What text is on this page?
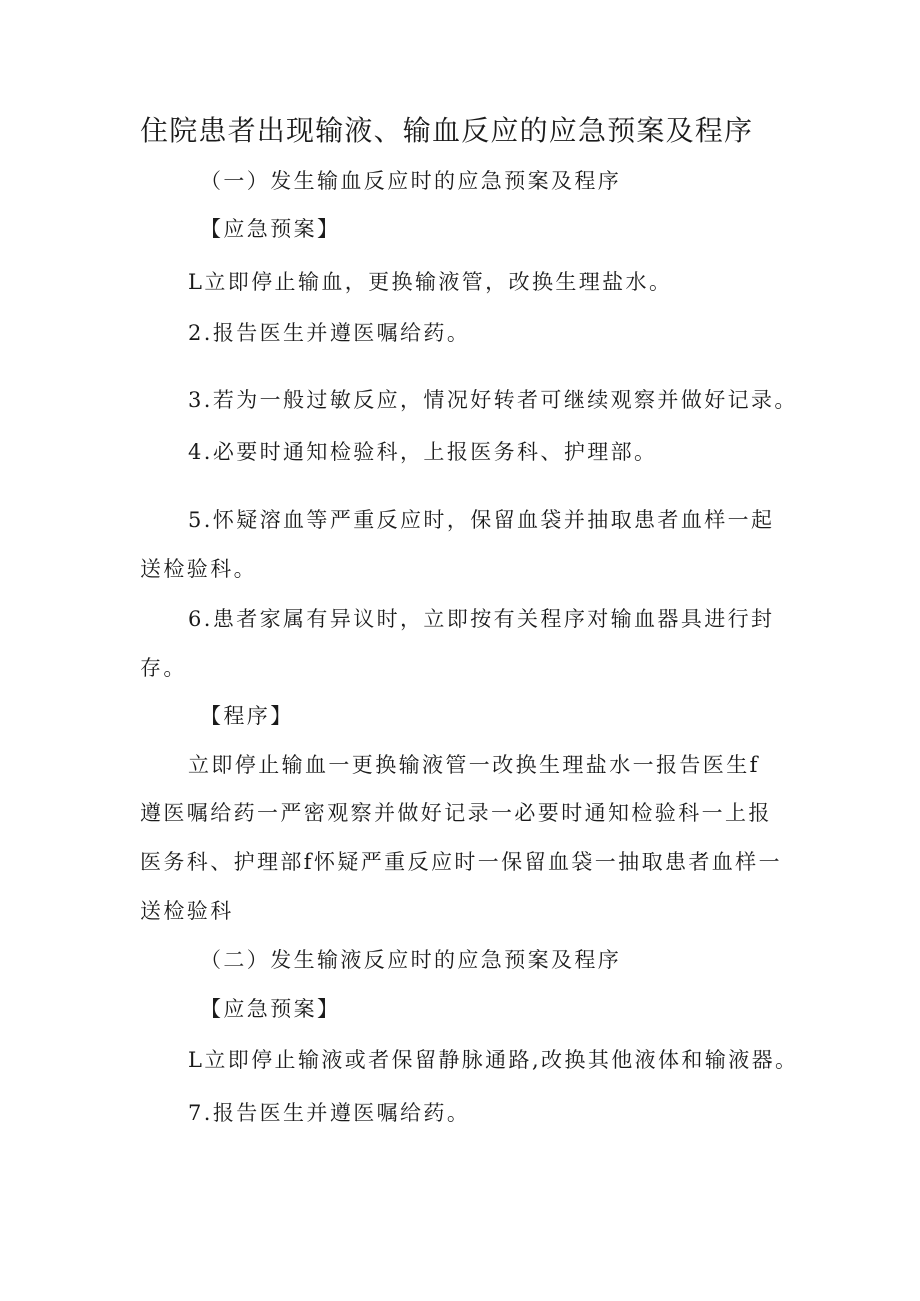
住院患者出现输液、输血反应的应急预案及程序

（一）发生输血反应时的应急预案及程序

【应急预案】

L立即停止输血，更换输液管，改换生理盐水。

2.报告医生并遵医嘱给药。

3.若为一般过敏反应，情况好转者可继续观察并做好记录。

4.必要时通知检验科，上报医务科、护理部。

5.怀疑溶血等严重反应时，保留血袋并抽取患者血样一起

送检验科。

6.患者家属有异议时，立即按有关程序对输血器具进行封

存。

【程序】

立即停止输血一更换输液管一改换生理盐水一报告医生f

遵医嘱给药一严密观察并做好记录一必要时通知检验科一上报

医务科、护理部f怀疑严重反应时一保留血袋一抽取患者血样一

送检验科

（二）发生输液反应时的应急预案及程序

【应急预案】

L立即停止输液或者保留静脉通路,改换其他液体和输液器。

7.报告医生并遵医嘱给药。
